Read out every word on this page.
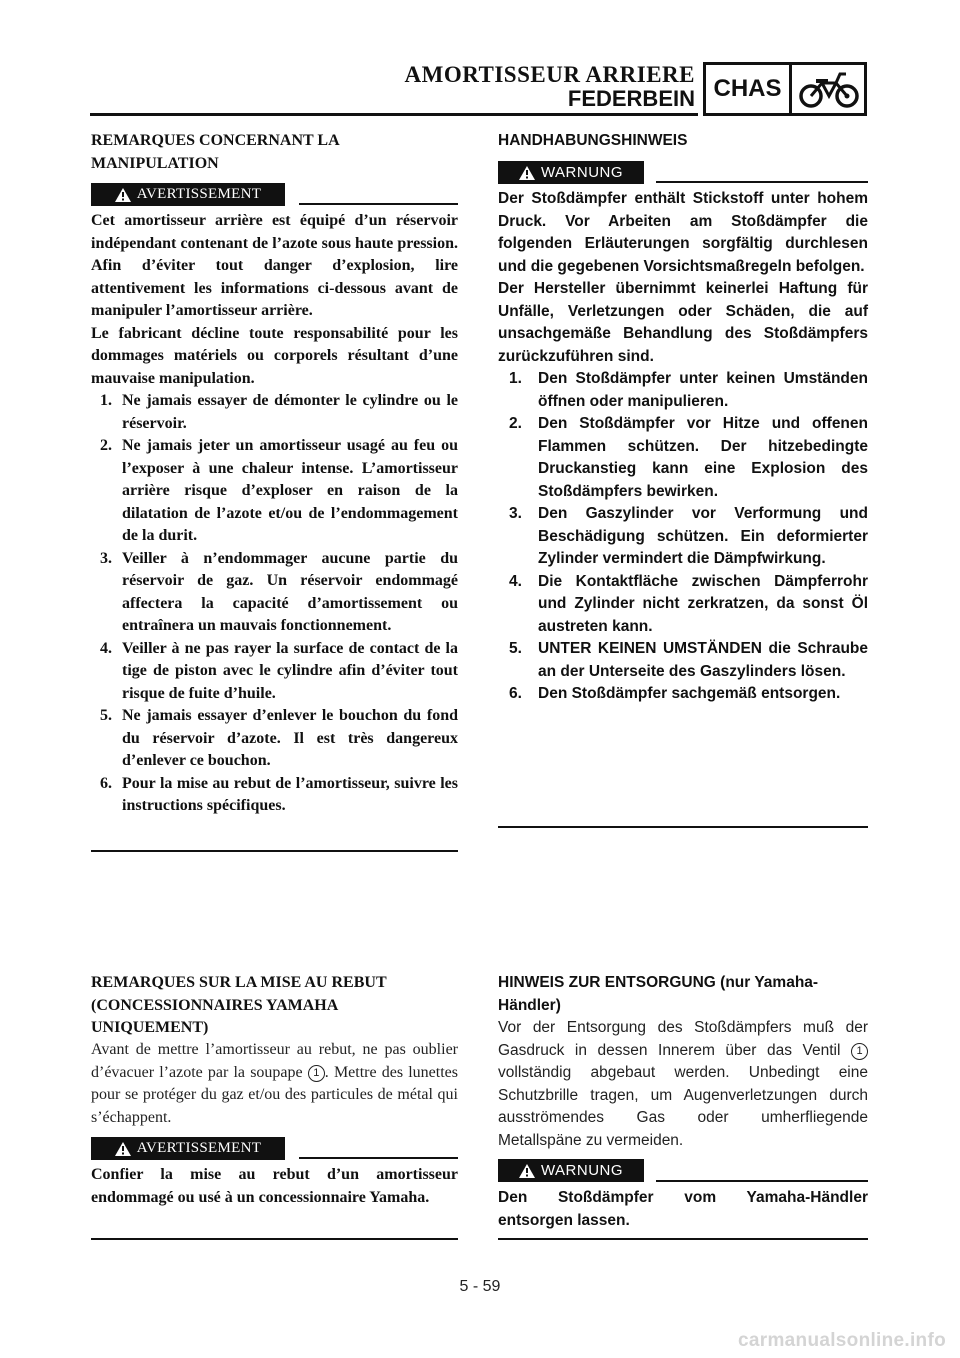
AMORTISSEUR ARRIERE
FEDERBEIN CHAS
REMARQUES CONCERNANT LA MANIPULATION
AVERTISSEMENT

Cet amortisseur arrière est équipé d’un réservoir indépendant contenant de l’azote sous haute pression. Afin d’éviter tout danger d’explosion, lire attentivement les informations ci-dessous avant de manipuler l’amortisseur arrière.

Le fabricant décline toute responsabilité pour les dommages matériels ou corporels résultant d’une mauvaise manipulation.

1. Ne jamais essayer de démonter le cylindre ou le réservoir.
2. Ne jamais jeter un amortisseur usagé au feu ou l’exposer à une chaleur intense. L’amortisseur arrière risque d’exploser en raison de la dilatation de l’azote et/ou de l’endommagement de la durit.
3. Veiller à n’endommager aucune partie du réservoir de gaz. Un réservoir endommagé affectera la capacité d’amortissement ou entraînera un mauvais fonctionnement.
4. Veiller à ne pas rayer la surface de contact de la tige de piston avec le cylindre afin d’éviter tout risque de fuite d’huile.
5. Ne jamais essayer d’enlever le bouchon du fond du réservoir d’azote. Il est très dangereux d’enlever ce bouchon.
6. Pour la mise au rebut de l’amortisseur, suivre les instructions spécifiques.
HANDHABUNGSHINWEIS
WARNUNG

Der Stoßdämpfer enthält Stickstoff unter hohem Druck. Vor Arbeiten am Stoßdämpfer die folgenden Erläuterungen sorgfältig durchlesen und die gegebenen Vorsichtsmaßregeln befolgen.

Der Hersteller übernimmt keinerlei Haftung für Unfälle, Verletzungen oder Schäden, die auf unsachgemäße Behandlung des Stoßdämpfers zurückzuführen sind.

1. Den Stoßdämpfer unter keinen Umständen öffnen oder manipulieren.
2. Den Stoßdämpfer vor Hitze und offenen Flammen schützen. Der hitzebedingte Druckanstieg kann eine Explosion des Stoßdämpfers bewirken.
3. Den Gaszylinder vor Verformung und Beschädigung schützen. Ein deformierter Zylinder vermindert die Dämpfwirkung.
4. Die Kontaktfläche zwischen Dämpferrohr und Zylinder nicht zerkratzen, da sonst Öl austreten kann.
5. UNTER KEINEN UMSTÄNDEN die Schraube an der Unterseite des Gaszylinders lösen.
6. Den Stoßdämpfer sachgemäß entsorgen.
REMARQUES SUR LA MISE AU REBUT (CONCESSIONNAIRES YAMAHA UNIQUEMENT)
Avant de mettre l’amortisseur au rebut, ne pas oublier d’évacuer l’azote par la soupape 1 . Mettre des lunettes pour se protéger du gaz et/ou des particules de métal qui s’échappent.
AVERTISSEMENT
Confier la mise au rebut d’un amortisseur endommagé ou usé à un concessionnaire Yamaha.
HINWEIS ZUR ENTSORGUNG (nur Yamaha-Händler)
Vor der Entsorgung des Stoßdämpfers muß der Gasdruck in dessen Innerem über das Ventil 1 vollständig abgebaut werden. Unbedingt eine Schutzbrille tragen, um Augenverletzungen durch ausströmendes Gas oder umherfliegende Metallspäne zu vermeiden.
WARNUNG
Den Stoßdämpfer vom Yamaha-Händler entsorgen lassen.
5 - 59
carmanualsonline.info
